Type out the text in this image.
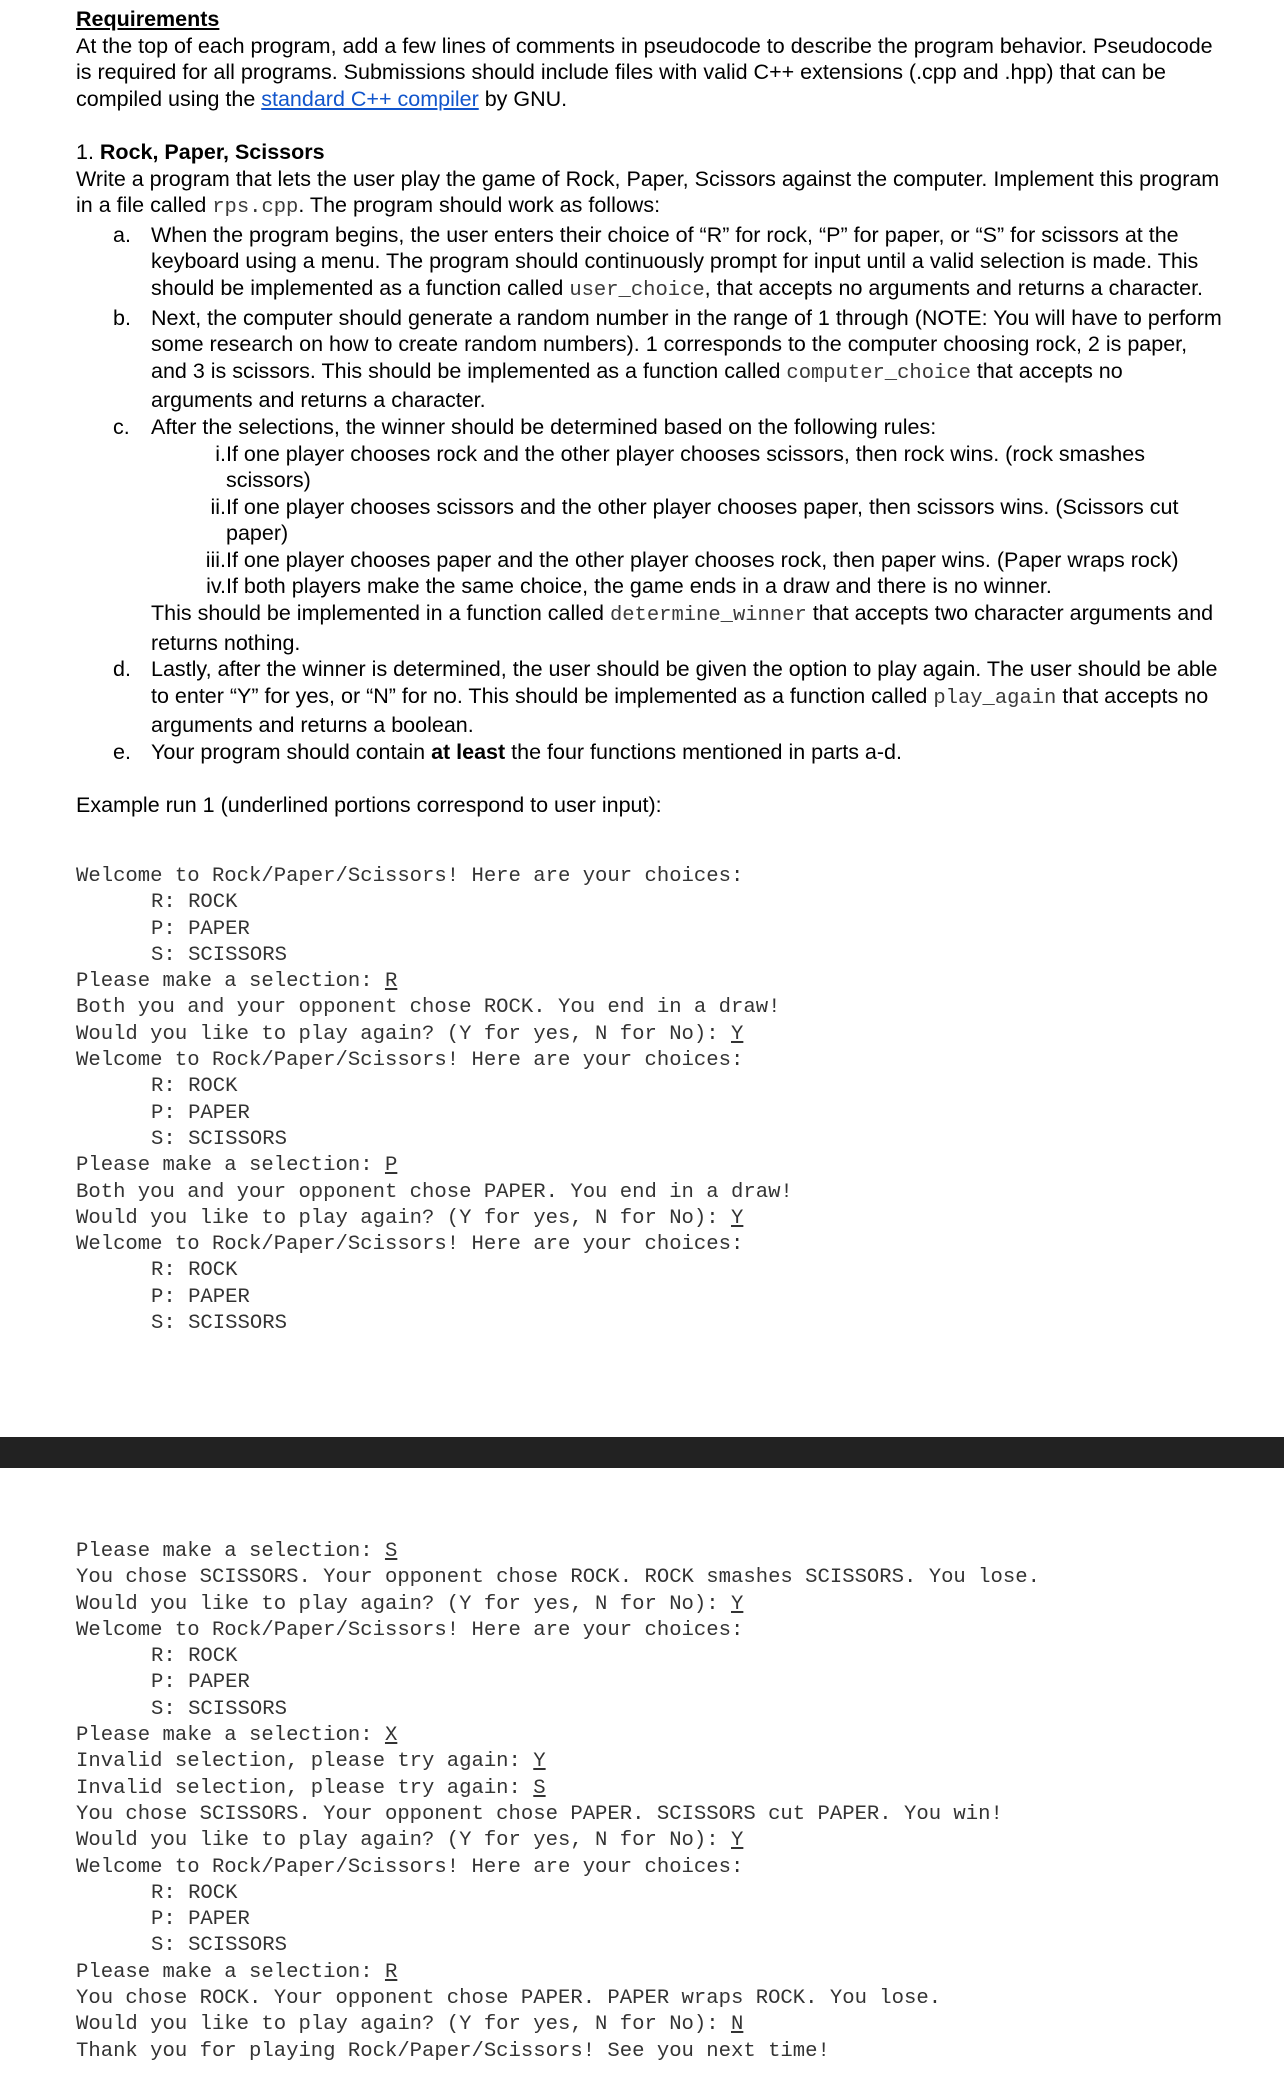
Requirements
At the top of each program, add a few lines of comments in pseudocode to describe the program behavior. Pseudocode is required for all programs. Submissions should include files with valid C++ extensions (.cpp and .hpp) that can be compiled using the standard C++ compiler by GNU.
1. Rock, Paper, Scissors
Write a program that lets the user play the game of Rock, Paper, Scissors against the computer. Implement this program in a file called rps.cpp. The program should work as follows:
a. When the program begins, the user enters their choice of “R” for rock, “P” for paper, or “S” for scissors at the keyboard using a menu. The program should continuously prompt for input until a valid selection is made. This should be implemented as a function called user_choice, that accepts no arguments and returns a character.
b. Next, the computer should generate a random number in the range of 1 through (NOTE: You will have to perform some research on how to create random numbers). 1 corresponds to the computer choosing rock, 2 is paper, and 3 is scissors. This should be implemented as a function called computer_choice that accepts no arguments and returns a character.
c. After the selections, the winner should be determined based on the following rules:
i. If one player chooses rock and the other player chooses scissors, then rock wins. (rock smashes scissors)
ii. If one player chooses scissors and the other player chooses paper, then scissors wins. (Scissors cut paper)
iii. If one player chooses paper and the other player chooses rock, then paper wins. (Paper wraps rock)
iv. If both players make the same choice, the game ends in a draw and there is no winner.
This should be implemented in a function called determine_winner that accepts two character arguments and returns nothing.
d. Lastly, after the winner is determined, the user should be given the option to play again. The user should be able to enter “Y” for yes, or “N” for no. This should be implemented as a function called play_again that accepts no arguments and returns a boolean.
e. Your program should contain at least the four functions mentioned in parts a-d.
Example run 1 (underlined portions correspond to user input):
Welcome to Rock/Paper/Scissors! Here are your choices:
R: ROCK
P: PAPER
S: SCISSORS
Please make a selection: R
Both you and your opponent chose ROCK. You end in a draw!
Would you like to play again? (Y for yes, N for No): Y
Welcome to Rock/Paper/Scissors! Here are your choices:
R: ROCK
P: PAPER
S: SCISSORS
Please make a selection: P
Both you and your opponent chose PAPER. You end in a draw!
Would you like to play again? (Y for yes, N for No): Y
Welcome to Rock/Paper/Scissors! Here are your choices:
R: ROCK
P: PAPER
S: SCISSORS
Please make a selection: S
You chose SCISSORS. Your opponent chose ROCK. ROCK smashes SCISSORS. You lose.
Would you like to play again? (Y for yes, N for No): Y
Welcome to Rock/Paper/Scissors! Here are your choices:
R: ROCK
P: PAPER
S: SCISSORS
Please make a selection: X
Invalid selection, please try again: Y
Invalid selection, please try again: S
You chose SCISSORS. Your opponent chose PAPER. SCISSORS cut PAPER. You win!
Would you like to play again? (Y for yes, N for No): Y
Welcome to Rock/Paper/Scissors! Here are your choices:
R: ROCK
P: PAPER
S: SCISSORS
Please make a selection: R
You chose ROCK. Your opponent chose PAPER. PAPER wraps ROCK. You lose.
Would you like to play again? (Y for yes, N for No): N
Thank you for playing Rock/Paper/Scissors! See you next time!
